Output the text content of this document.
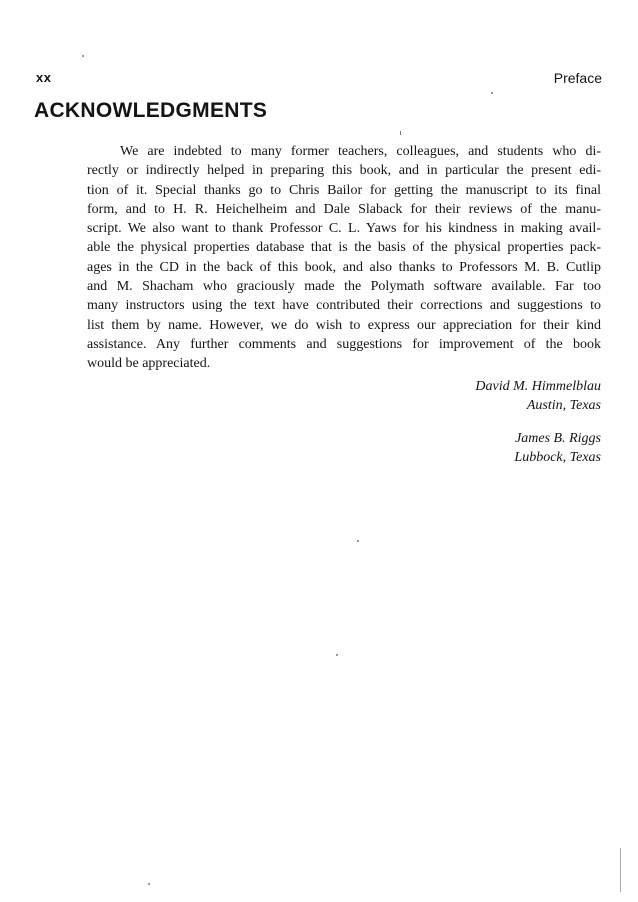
xx	Preface
ACKNOWLEDGMENTS

We are indebted to many former teachers, colleagues, and students who di-
rectly or indirectly helped in preparing this book, and in particular the present edi-
tion of it. Special thanks go to Chris Bailor for getting the manuscript to its final
form, and to H. R. Heichelheim and Dale Slaback for their reviews of the manu-
script. We also want to thank Professor C. L. Yaws for his kindness in making avail-
able the physical properties database that is the basis of the physical properties pack-
ages in the CD in the back of this book, and also thanks to Professors M. B. Cutlip
and M. Shacham who graciously made the Polymath software available. Far too
many instructors using the text have contributed their corrections and suggestions to
list them by name. However, we do wish to express our appreciation for their kind
assistance. Any further comments and suggestions for improvement of the book
would be appreciated.

David M. Himmelblau
Austin, Texas
James B. Riggs
Lubbock, Texas
